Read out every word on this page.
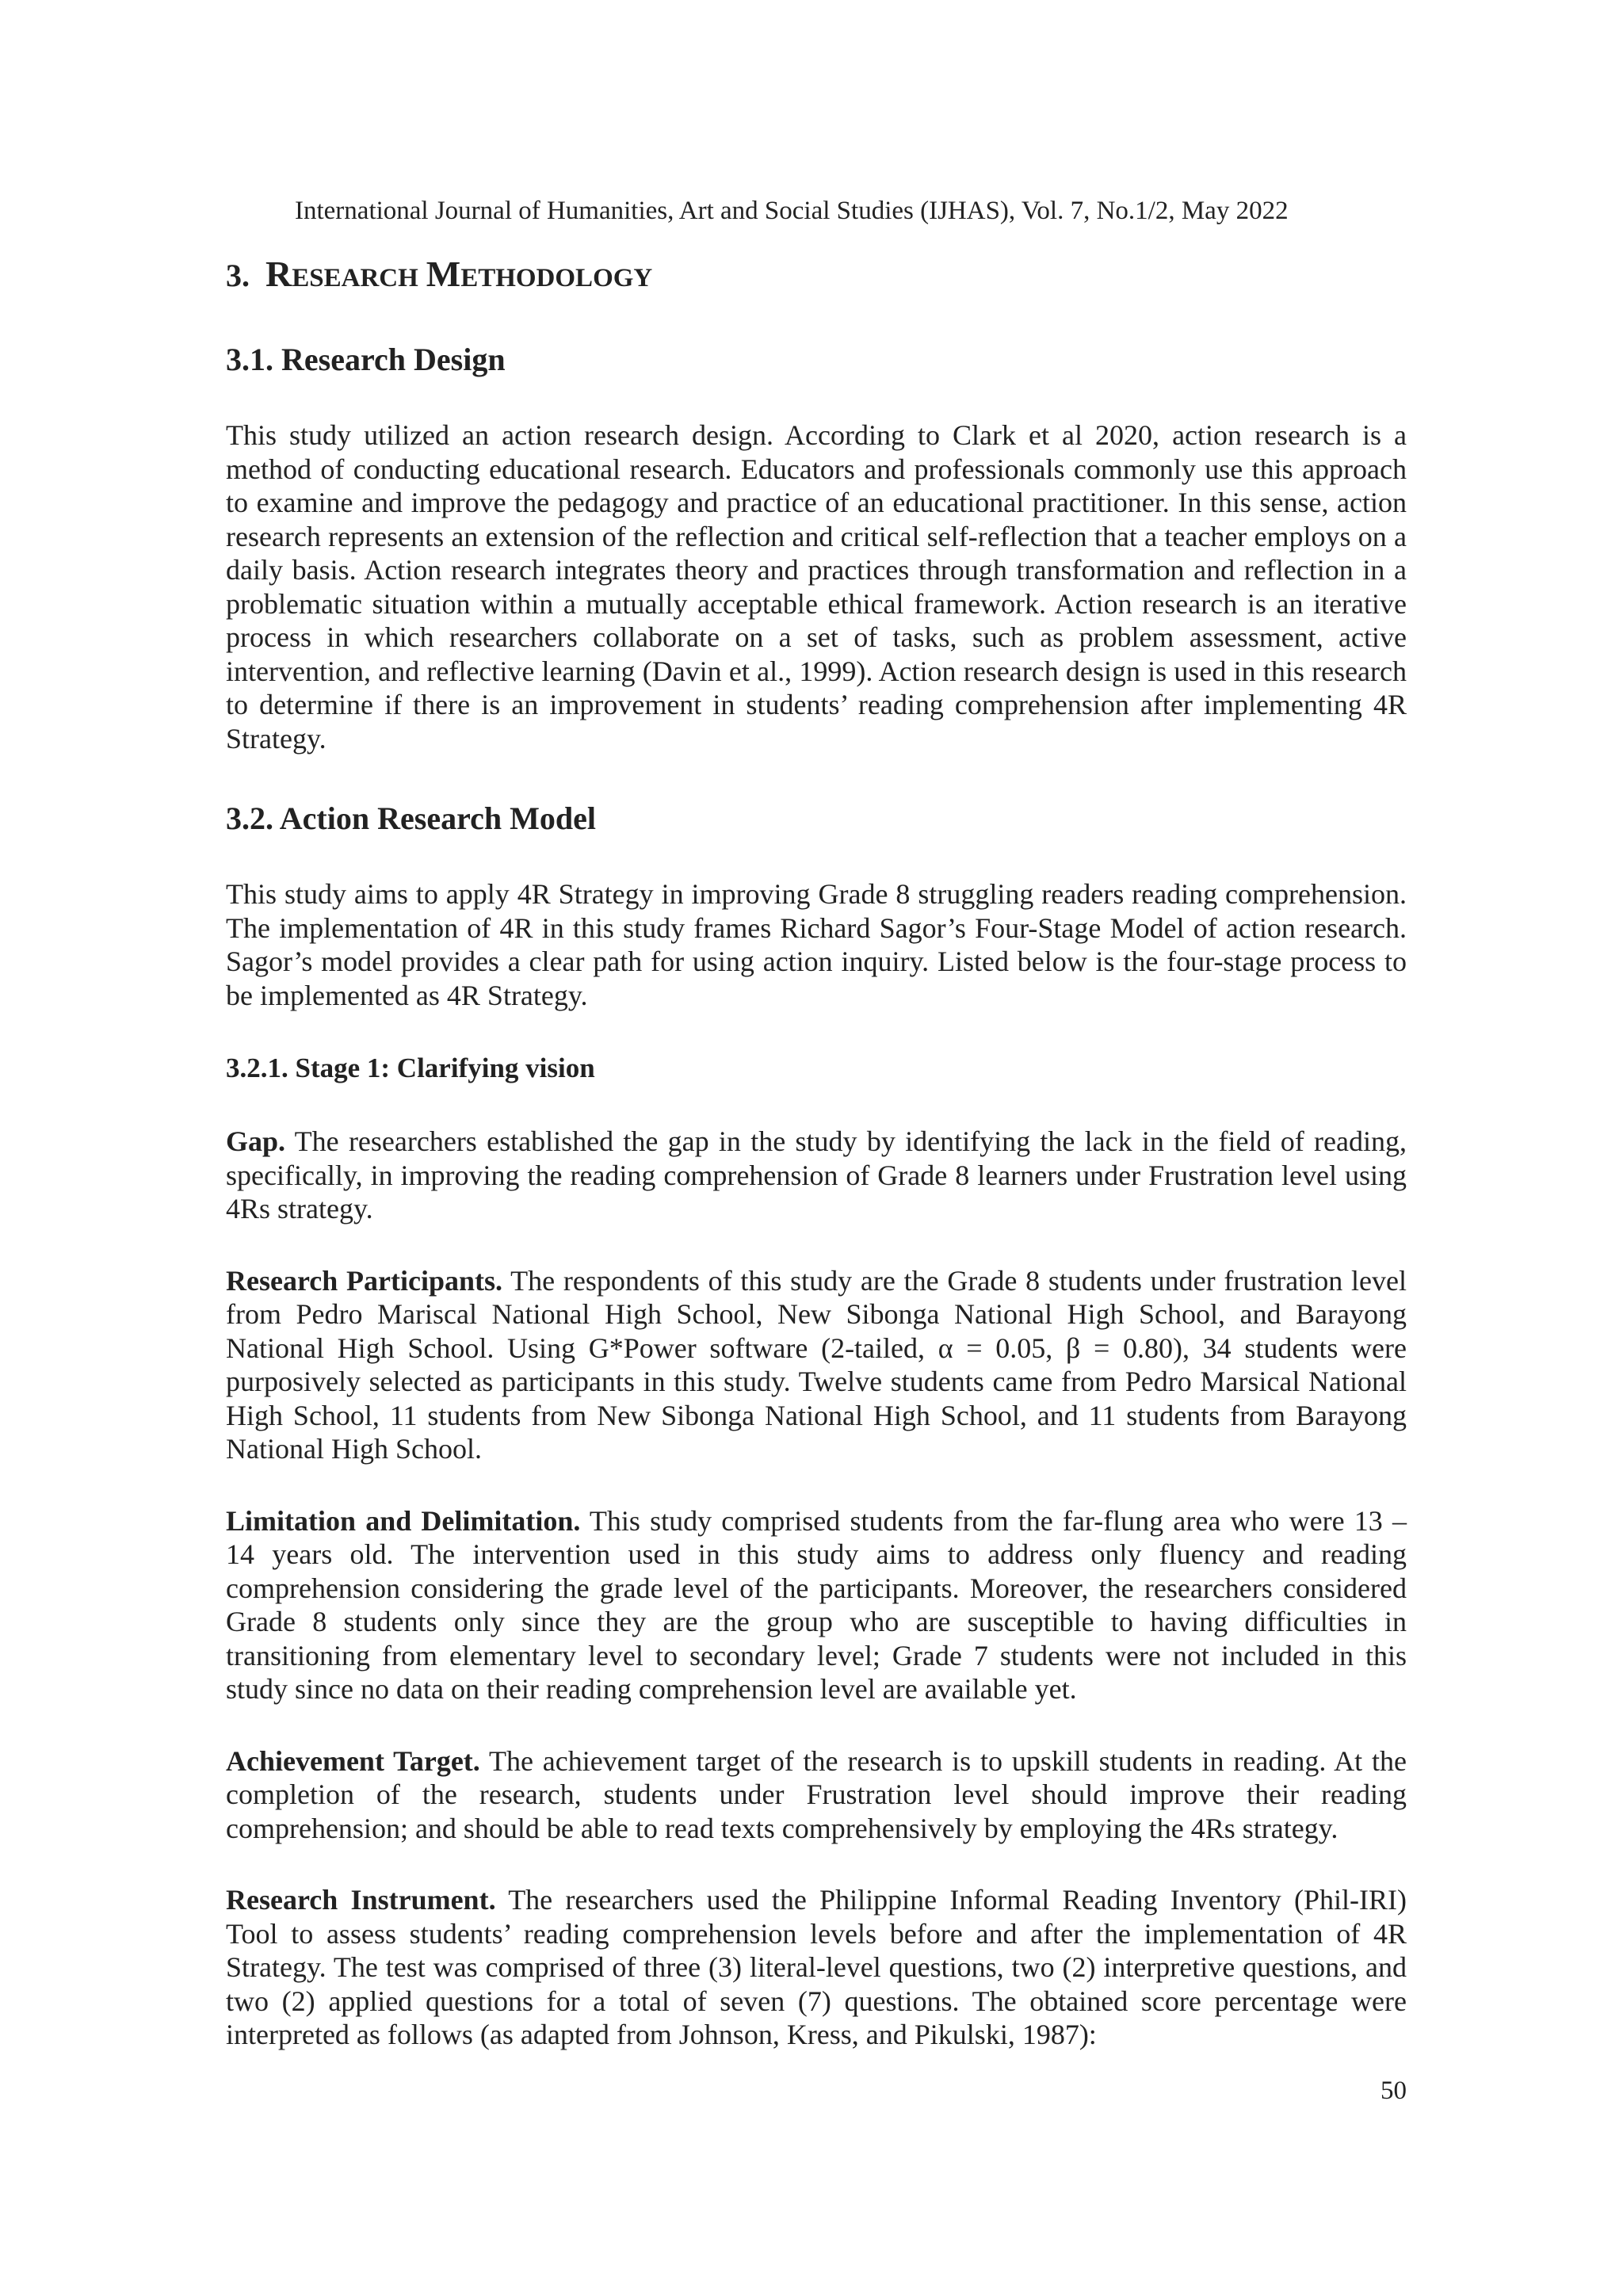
International Journal of Humanities, Art and Social Studies (IJHAS), Vol. 7, No.1/2, May 2022
3. RESEARCH METHODOLOGY
3.1. Research Design

This study utilized an action research design. According to Clark et al 2020, action research is a method of conducting educational research. Educators and professionals commonly use this approach to examine and improve the pedagogy and practice of an educational practitioner. In this sense, action research represents an extension of the reflection and critical self-reflection that a teacher employs on a daily basis. Action research integrates theory and practices through transformation and reflection in a problematic situation within a mutually acceptable ethical framework. Action research is an iterative process in which researchers collaborate on a set of tasks, such as problem assessment, active intervention, and reflective learning (Davin et al., 1999). Action research design is used in this research to determine if there is an improvement in students’ reading comprehension after implementing 4R Strategy.

3.2. Action Research Model

This study aims to apply 4R Strategy in improving Grade 8 struggling readers reading comprehension. The implementation of 4R in this study frames Richard Sagor’s Four-Stage Model of action research. Sagor’s model provides a clear path for using action inquiry. Listed below is the four-stage process to be implemented as 4R Strategy.

3.2.1. Stage 1: Clarifying vision

Gap. The researchers established the gap in the study by identifying the lack in the field of reading, specifically, in improving the reading comprehension of Grade 8 learners under Frustration level using 4Rs strategy.

Research Participants. The respondents of this study are the Grade 8 students under frustration level from Pedro Mariscal National High School, New Sibonga National High School, and Barayong National High School. Using G*Power software (2-tailed, α = 0.05, β = 0.80), 34 students were purposively selected as participants in this study. Twelve students came from Pedro Marsical National High School, 11 students from New Sibonga National High School, and 11 students from Barayong National High School.

Limitation and Delimitation. This study comprised students from the far-flung area who were 13 – 14 years old. The intervention used in this study aims to address only fluency and reading comprehension considering the grade level of the participants. Moreover, the researchers considered Grade 8 students only since they are the group who are susceptible to having difficulties in transitioning from elementary level to secondary level; Grade 7 students were not included in this study since no data on their reading comprehension level are available yet.

Achievement Target. The achievement target of the research is to upskill students in reading. At the completion of the research, students under Frustration level should improve their reading comprehension; and should be able to read texts comprehensively by employing the 4Rs strategy.

Research Instrument. The researchers used the Philippine Informal Reading Inventory (Phil-IRI) Tool to assess students’ reading comprehension levels before and after the implementation of 4R Strategy. The test was comprised of three (3) literal-level questions, two (2) interpretive questions, and two (2) applied questions for a total of seven (7) questions. The obtained score percentage were interpreted as follows (as adapted from Johnson, Kress, and Pikulski, 1987):

50
